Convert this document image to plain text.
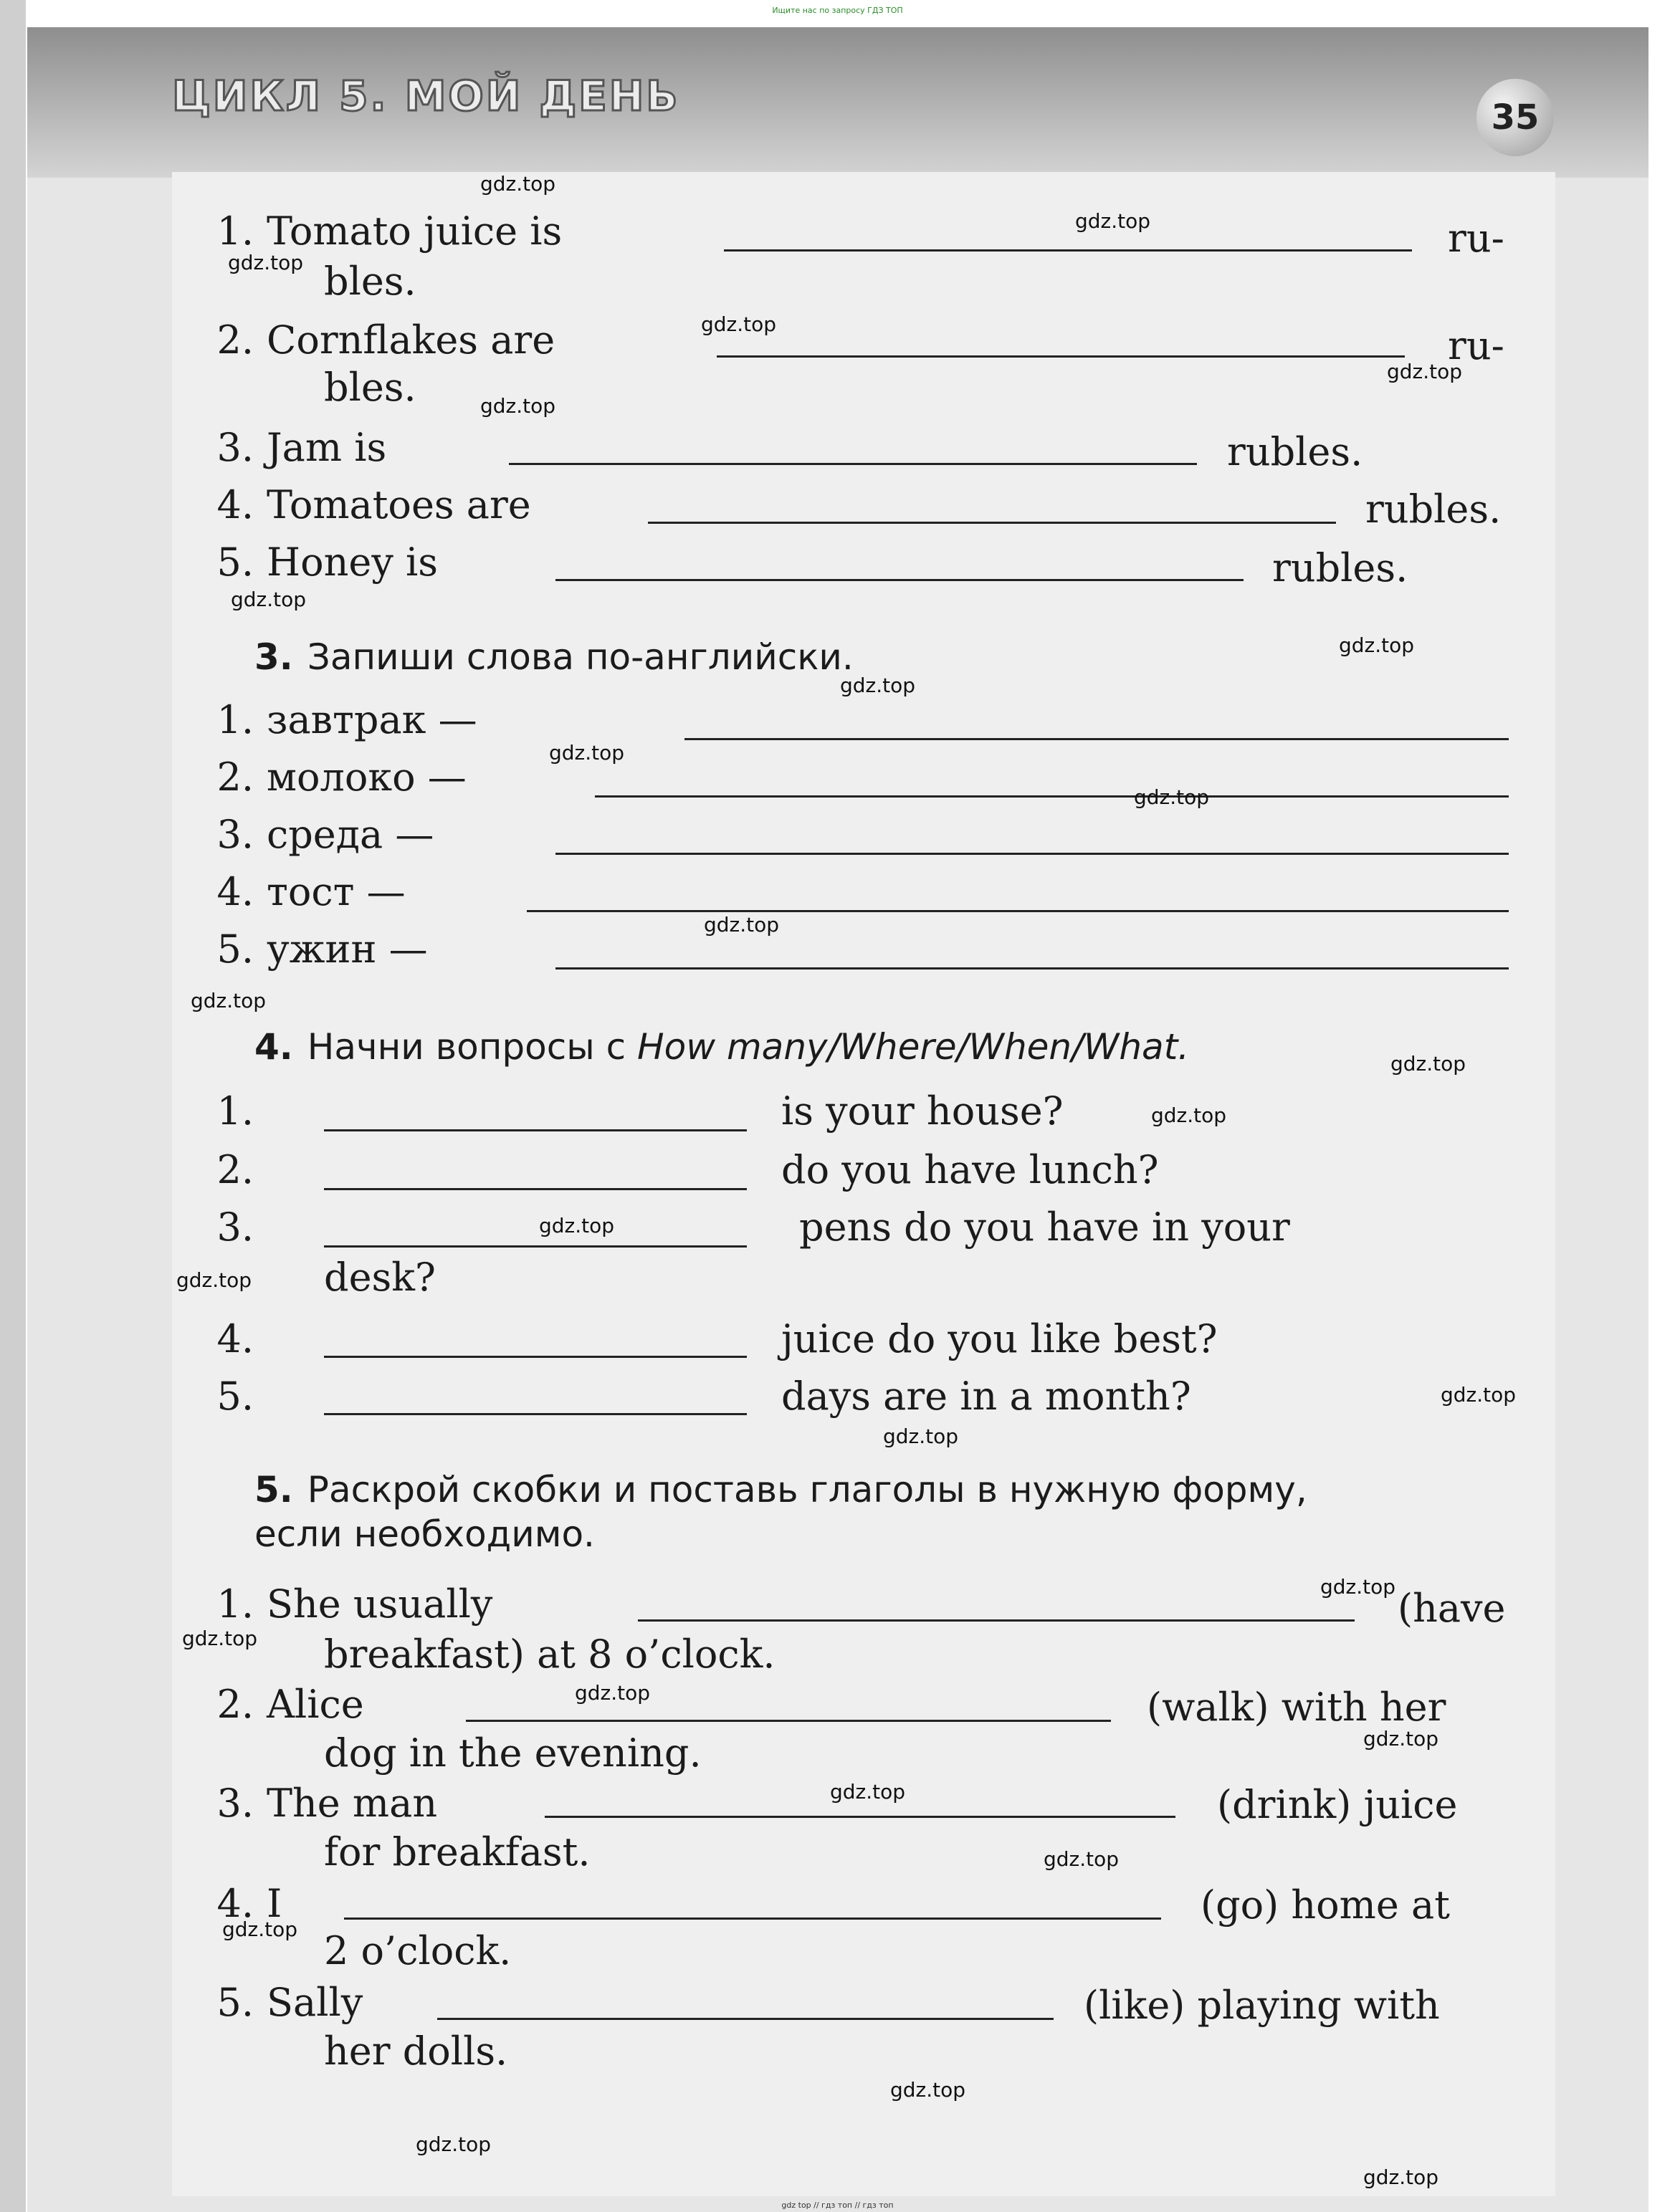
Ищите нас по запросу ГДЗ ТОП
ЦИКЛ 5. МОЙ ДЕНЬ	35
1. Tomato juice is	ru-
bles.
2. Cornflakes are	ru-
bles.
3. Jam is	rubles.
4. Tomatoes are	rubles.
5. Honey is	rubles.
3. Запиши слова по-английски.
1. завтрак —
2. молоко —
3. среда —
4. тост —
5. ужин —
4. Начни вопросы с How many/Where/When/What.
1.	is your house?
2.	do you have lunch?
3.	pens do you have in your
desk?
4.	juice do you like best?
5.	days are in a month?
5. Раскрой скобки и поставь глаголы в нужную форму,
если необходимо.
1. She usually	(have
breakfast) at 8 o’clock.
2. Alice	(walk) with her
dog in the evening.
3. The man	(drink) juice
for breakfast.
4. I	(go) home at
2 o’clock.
5. Sally	(like) playing with
her dolls.
gdz.top
gdz.top
gdz.top
gdz.top
gdz.top
gdz.top
gdz.top
gdz.top
gdz.top
gdz.top
gdz.top
gdz.top
gdz.top
gdz.top
gdz.top
gdz.top
gdz.top
gdz.top
gdz.top
gdz.top
gdz.top
gdz.top
gdz.top
gdz.top
gdz.top
gdz.top
gdz.top
gdz.top
gdz.top
gdz top // гдз топ // гдз топ
